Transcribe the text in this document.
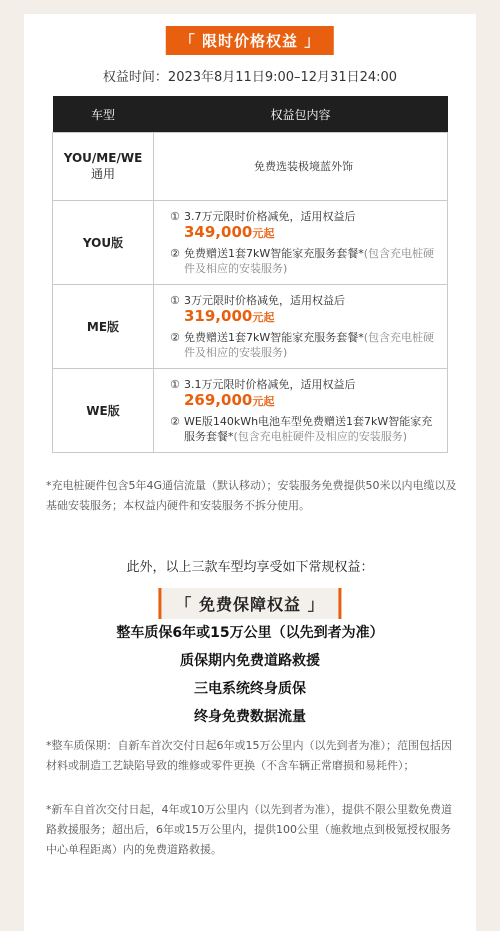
「 限时价格权益 」
权益时间：2023年8月11日9:00–12月31日24:00
车型	权益包内容

YOU/ME/WE
通用	免费选装极境蓝外饰
YOU版	① 3.7万元限时价格减免，适用权益后
349,000元起
② 免费赠送1套7kW智能家充服务套餐*(包含充电桩硬件及相应的安装服务)

ME版	① 3万元限时价格减免，适用权益后
319,000元起
② 免费赠送1套7kW智能家充服务套餐*(包含充电桩硬件及相应的安装服务)

WE版	① 3.1万元限时价格减免，适用权益后
269,000元起
② WE版140kWh电池车型免费赠送1套7kW智能家充服务套餐*(包含充电桩硬件及相应的安装服务)
*充电桩硬件包含5年4G通信流量（默认移动）；安装服务免费提供50米以内电缆以及基础安装服务；本权益内硬件和安装服务不拆分使用。
此外，以上三款车型均享受如下常规权益：
「 免费保障权益 」
整车质保6年或15万公里（以先到者为准）
质保期内免费道路救援
三电系统终身质保
终身免费数据流量
*整车质保期：自新车首次交付日起6年或15万公里内（以先到者为准）；范围包括因材料或制造工艺缺陷导致的维修或零件更换（不含车辆正常磨损和易耗件）；
*新车自首次交付日起，4年或10万公里内（以先到者为准），提供不限公里数免费道路救援服务；超出后，6年或15万公里内，提供100公里（施救地点到极氪授权服务中心单程距离）内的免费道路救援。
